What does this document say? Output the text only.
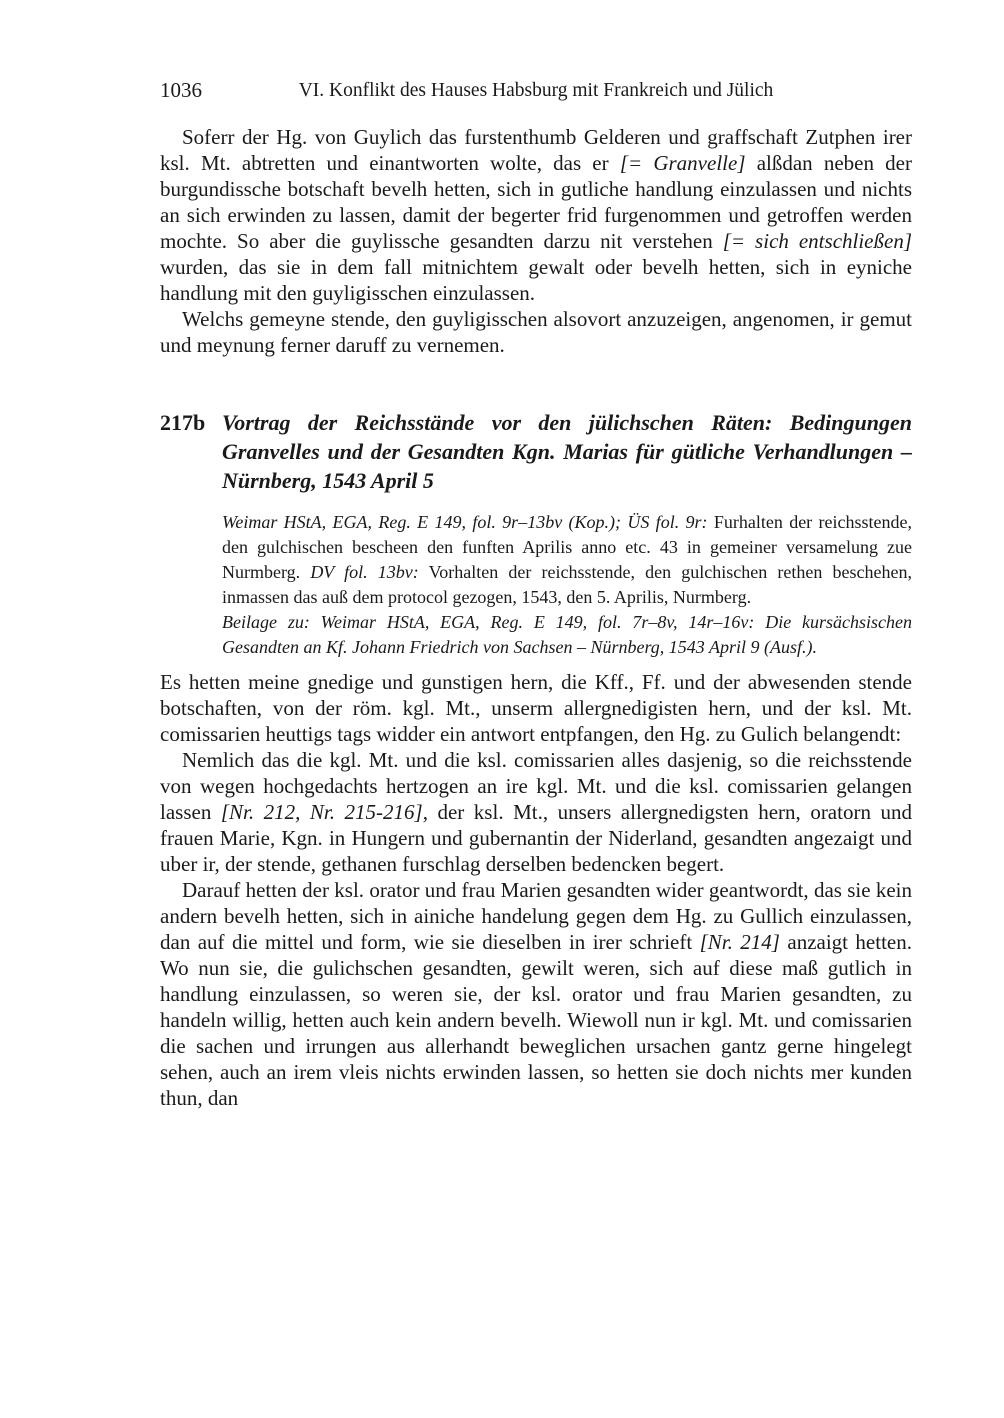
1036	VI. Konflikt des Hauses Habsburg mit Frankreich und Jülich

Soferr der Hg. von Guylich das furstenthumb Gelderen und graffschaft Zutphen irer ksl. Mt. abtretten und einantworten wolte, das er [= Granvelle] alßdan neben der burgundissche botschaft bevelh hetten, sich in gutliche handlung einzulassen und nichts an sich erwinden zu lassen, damit der begerter frid furgenommen und getroffen werden mochte. So aber die guylissche gesandten darzu nit verstehen [= sich entschließen] wurden, das sie in dem fall mitnichtem gewalt oder bevelh hetten, sich in eyniche handlung mit den guyligisschen einzulassen.

Welchs gemeyne stende, den guyligisschen alsovort anzuzeigen, angenomen, ir gemut und meynung ferner daruff zu vernemen.

217b Vortrag der Reichsstände vor den jülichschen Räten: Bedingungen Granvelles und der Gesandten Kgn. Marias für gütliche Verhandlungen – Nürnberg, 1543 April 5

Weimar HStA, EGA, Reg. E 149, fol. 9r–13bv (Kop.); ÜS fol. 9r: Furhalten der reichsstende, den gulchischen bescheen den funften Aprilis anno etc. 43 in gemeiner versamelung zue Nurmberg. DV fol. 13bv: Vorhalten der reichsstende, den gulchischen rethen beschehen, inmassen das auß dem protocol gezogen, 1543, den 5. Aprilis, Nurmberg.

Beilage zu: Weimar HStA, EGA, Reg. E 149, fol. 7r–8v, 14r–16v: Die kursächsischen Gesandten an Kf. Johann Friedrich von Sachsen – Nürnberg, 1543 April 9 (Ausf.).

Es hetten meine gnedige und gunstigen hern, die Kff., Ff. und der abwesenden stende botschaften, von der röm. kgl. Mt., unserm allergnedigisten hern, und der ksl. Mt. comissarien heuttigs tags widder ein antwort entpfangen, den Hg. zu Gulich belangendt:

Nemlich das die kgl. Mt. und die ksl. comissarien alles dasjenig, so die reichsstende von wegen hochgedachts hertzogen an ire kgl. Mt. und die ksl. comissarien gelangen lassen [Nr. 212, Nr. 215-216], der ksl. Mt., unsers allergnedigsten hern, oratorn und frauen Marie, Kgn. in Hungern und gubernantin der Niderland, gesandten angezaigt und uber ir, der stende, gethanen furschlag derselben bedencken begert.

Darauf hetten der ksl. orator und frau Marien gesandten wider geantwordt, das sie kein andern bevelh hetten, sich in ainiche handelung gegen dem Hg. zu Gullich einzulassen, dan auf die mittel und form, wie sie dieselben in irer schrieft [Nr. 214] anzaigt hetten. Wo nun sie, die gulichschen gesandten, gewilt weren, sich auf diese maß gutlich in handlung einzulassen, so weren sie, der ksl. orator und frau Marien gesandten, zu handeln willig, hetten auch kein andern bevelh. Wiewoll nun ir kgl. Mt. und comissarien die sachen und irrungen aus allerhandt beweglichen ursachen gantz gerne hingelegt sehen, auch an irem vleis nichts erwinden lassen, so hetten sie doch nichts mer kunden thun, dan
